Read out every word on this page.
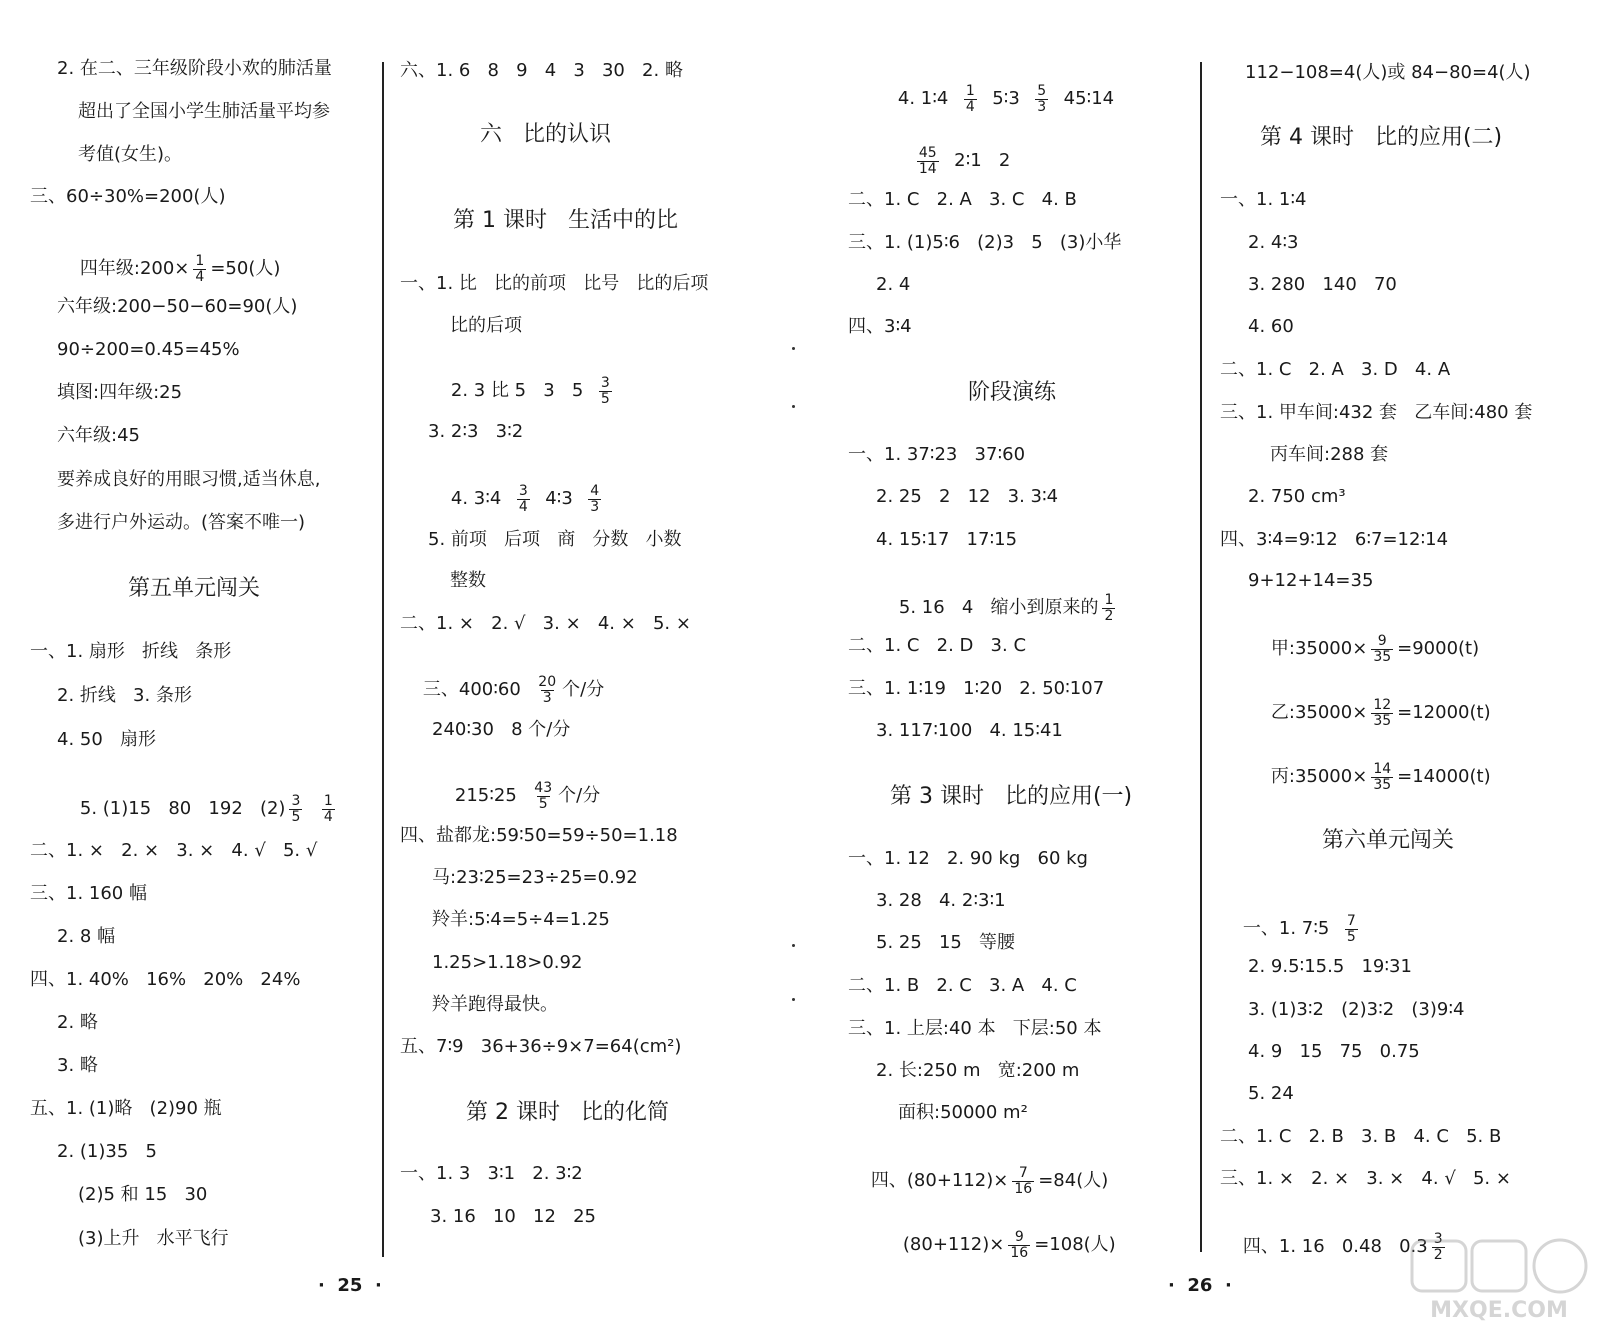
2. 在二、三年级阶段小欢的肺活量
超出了全国小学生肺活量平均参
考值(女生)。
三、60÷30%=200(人)

四年级:200× $\frac{1}{4} =50$(人)

六年级:200−50−60=90(人)
90÷200=0.45=45%
填图:四年级:25
六年级:45
要养成良好的用眼习惯,适当休息,
多进行户外运动。(答案不唯一)
第五单元闯关
一、1. 扇形   折线   条形
2. 折线   3. 条形
4. 50   扇形

5. (1)15   80   192   $(2) \frac{3}{5}$
$\frac{1}{4}$

二、1. ×   2. ×   3. ×   4. √   5. √
三、1. 160 幅
2. 8 幅
四、1. 40%   16%   20%   24%
2. 略
3. 略
五、1. (1)略   (2)90 瓶
2. (1)35   5
(2)5 和 15   30
(3)上升   水平飞行
六、1. 6   8   9   4   3   30   2. 略
六   比的认识
第 1 课时   生活中的比
一、1. 比   比的前项   比号   比的后项
比的后项

2. 3 比 5   3   $5 \frac{3}{5}$

3. 2∶3   3∶2

4. 3∶4 $\frac{3}{4}$ 4∶3 $\frac{4}{3}$

5. 前项   后项   商   分数   小数
整数
二、1. ×   2. √   3. ×   4. ×   5. ×

三、400∶60 $\frac{20}{3}$ 个/分

240∶30   8 个/分

215∶25 $\frac{43}{5}$ 个/分

四、盐都龙:59∶50=59÷50=1.18
马:23∶25=23÷25=0.92
羚羊:5∶4=5÷4=1.25
1.25>1.18>0.92
羚羊跑得最快。
五、7∶9   36+36÷9×7=64(cm²)
第 2 课时   比的化简
一、1. 3   3∶1   2. 3∶2
3. 16   10   12   25
·  25  ·

4. 1∶4 $\frac{1}{4}$ 5∶3 $\frac{5}{3}$ 45∶14

$\frac{45}{14}$ 2∶1   2

二、1. C   2. A   3. C   4. B
三、1. (1)5∶6   (2)3   5   (3)小华
2. 4
四、3∶4
阶段演练
一、1. 37∶23   37∶60
2. 25   2   12   3. 3∶4
4. 15∶17   17∶15

5. 16   4   缩小到原来的 $\frac{1}{2}$

二、1. C   2. D   3. C
三、1. 1∶19   1∶20   2. 50∶107
3. 117∶100   4. 15∶41
第 3 课时   比的应用(一)
一、1. 12   2. 90 kg   60 kg
3. 28   4. 2∶3∶1
5. 25   15   等腰
二、1. B   2. C   3. A   4. C
三、1. 上层:40 本   下层:50 本
2. 长:250 m   宽:200 m
面积:50000 m²

四、$(80+112)\times \frac{7}{16} =84$(人)

$(80+112)\times \frac{9}{16} =108$(人)

112−108=4(人)或 84−80=4(人)
第 4 课时   比的应用(二)
一、1. 1∶4
2. 4∶3
3. 280   140   70
4. 60
二、1. C   2. A   3. D   4. A
三、1. 甲车间:432 套   乙车间:480 套
丙车间:288 套
2. 750 cm³
四、3∶4=9∶12   6∶7=12∶14
9+12+14=35

甲:35000× $\frac{9}{35} =9000(t)$

乙:35000× $\frac{12}{35} =12000(t)$

丙:35000× $\frac{14}{35} =14000(t)$

第六单元闯关

一、1. 7∶5 $\frac{7}{5}$

2. 9.5∶15.5   19∶31
3. (1)3∶2   (2)3∶2   (3)9∶4
4. 9   15   75   0.75
5. 24
二、1. C   2. B   3. B   4. C   5. B
三、1. ×   2. ×   3. ×   4. √   5. ×

四、1. 16   0.48   $0.3 \frac{3}{2}$

·  26  ·
MXQE.COM
